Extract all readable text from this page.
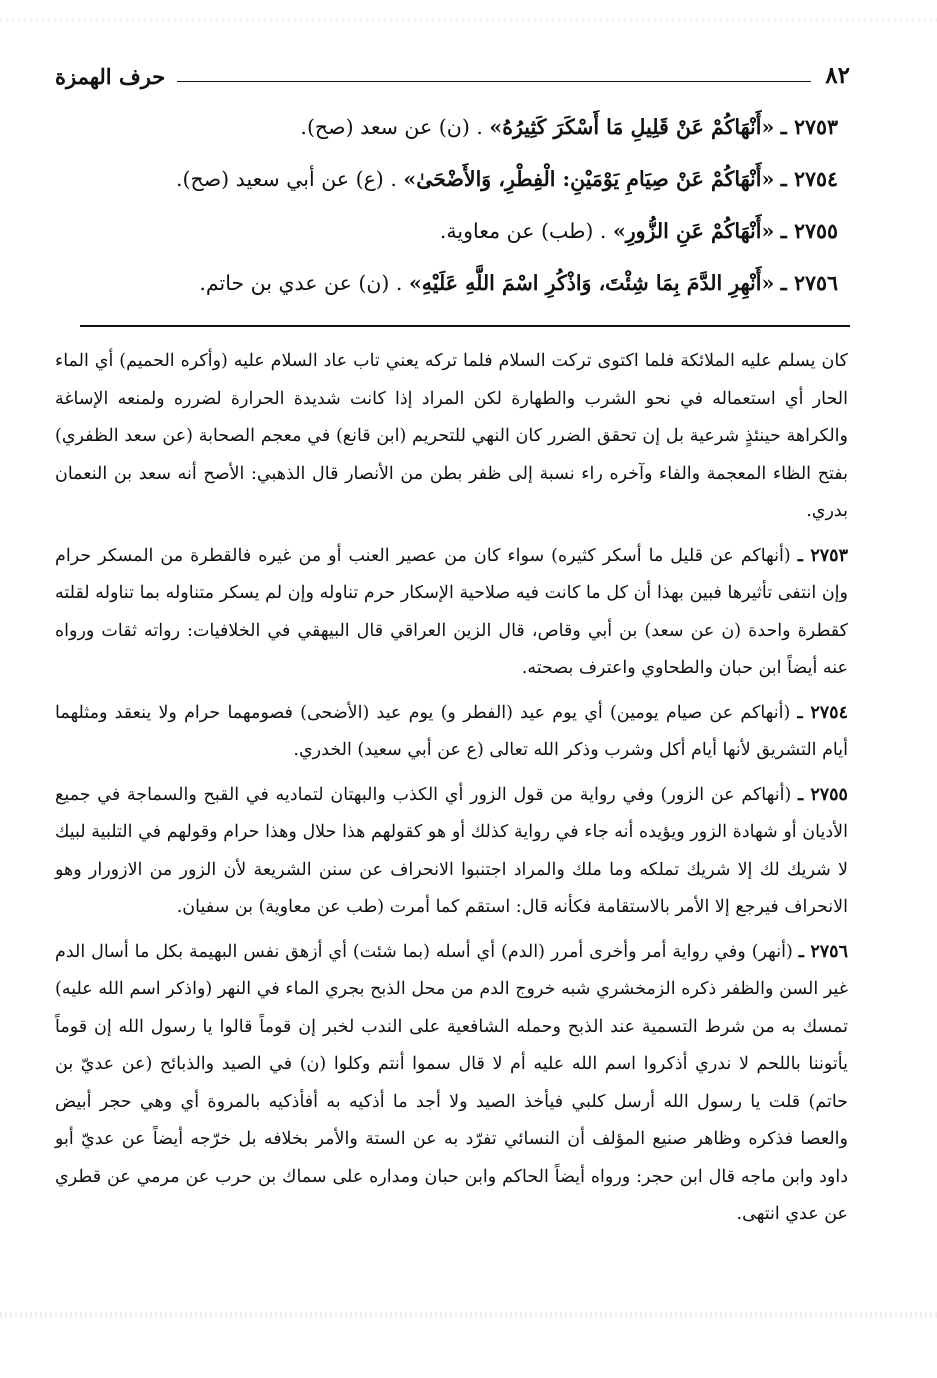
٨٢
حرف الهمزة
٢٧٥٣ ـ «أَنْهَاكُمْ عَنْ قَلِيلِ مَا أَسْكَرَ كَثِيرُهُ» . (ن) عن سعد (صح).
٢٧٥٤ ـ «أَنْهَاكُمْ عَنْ صِيَامِ يَوْمَيْنِ: الْفِطْرِ، وَالأَضْحَىٰ» . (ع) عن أبي سعيد (صح).
٢٧٥٥ ـ «أَنْهَاكُمْ عَنِ الزُّورِ» . (طب) عن معاوية.
٢٧٥٦ ـ «أَنْهِرِ الدَّمَ بِمَا شِئْتَ، وَاذْكُرِ اسْمَ اللَّهِ عَلَيْهِ» . (ن) عن عدي بن حاتم.

كان يسلم عليه الملائكة فلما اكتوى تركت السلام فلما تركه يعني تاب عاد السلام عليه (وأكره الحميم) أي الماء الحار أي استعماله في نحو الشرب والطهارة لكن المراد إذا كانت شديدة الحرارة لضرره ولمنعه الإساغة والكراهة حينئذٍ شرعية بل إن تحقق الضرر كان النهي للتحريم (ابن قانع) في معجم الصحابة (عن سعد الظفري) بفتح الظاء المعجمة والفاء وآخره راء نسبة إلى ظفر بطن من الأنصار قال الذهبي: الأصح أنه سعد بن النعمان بدري.

٢٧٥٣ ـ (أنهاكم عن قليل ما أسكر كثيره) سواء كان من عصير العنب أو من غيره فالقطرة من المسكر حرام وإن انتفى تأثيرها فبين بهذا أن كل ما كانت فيه صلاحية الإسكار حرم تناوله وإن لم يسكر متناوله بما تناوله لقلته كقطرة واحدة (ن عن سعد) بن أبي وقاص، قال الزين العراقي قال البيهقي في الخلافيات: رواته ثقات ورواه عنه أيضاً ابن حبان والطحاوي واعترف بصحته.

٢٧٥٤ ـ (أنهاكم عن صيام يومين) أي يوم عيد (الفطر و) يوم عيد (الأضحى) فصومهما حرام ولا ينعقد ومثلهما أيام التشريق لأنها أيام أكل وشرب وذكر الله تعالى (ع عن أبي سعيد) الخدري.

٢٧٥٥ ـ (أنهاكم عن الزور) وفي رواية من قول الزور أي الكذب والبهتان لتماديه في القبح والسماجة في جميع الأديان أو شهادة الزور ويؤيده أنه جاء في رواية كذلك أو هو كقولهم هذا حلال وهذا حرام وقولهم في التلبية لبيك لا شريك لك إلا شريك تملكه وما ملك والمراد اجتنبوا الانحراف عن سنن الشريعة لأن الزور من الازورار وهو الانحراف فيرجع إلا الأمر بالاستقامة فكأنه قال: استقم كما أمرت (طب عن معاوية) بن سفيان.

٢٧٥٦ ـ (أنهر) وفي رواية أمر وأخرى أمرر (الدم) أي أسله (بما شئت) أي أزهق نفس البهيمة بكل ما أسال الدم غير السن والظفر ذكره الزمخشري شبه خروج الدم من محل الذبح بجري الماء في النهر (واذكر اسم الله عليه) تمسك به من شرط التسمية عند الذبح وحمله الشافعية على الندب لخبر إن قوماً قالوا يا رسول الله إن قوماً يأتوننا باللحم لا ندري أذكروا اسم الله عليه أم لا قال سموا أنتم وكلوا (ن) في الصيد والذبائح (عن عديّ بن حاتم) قلت يا رسول الله أرسل كلبي فيأخذ الصيد ولا أجد ما أذكيه به أفأذكيه بالمروة أي وهي حجر أبيض والعصا فذكره وظاهر صنيع المؤلف أن النسائي تفرّد به عن الستة والأمر بخلافه بل خرّجه أيضاً عن عديّ أبو داود وابن ماجه قال ابن حجر: ورواه أيضاً الحاكم وابن حبان ومداره على سماك بن حرب عن مرمي عن قطري عن عدي انتهى.
